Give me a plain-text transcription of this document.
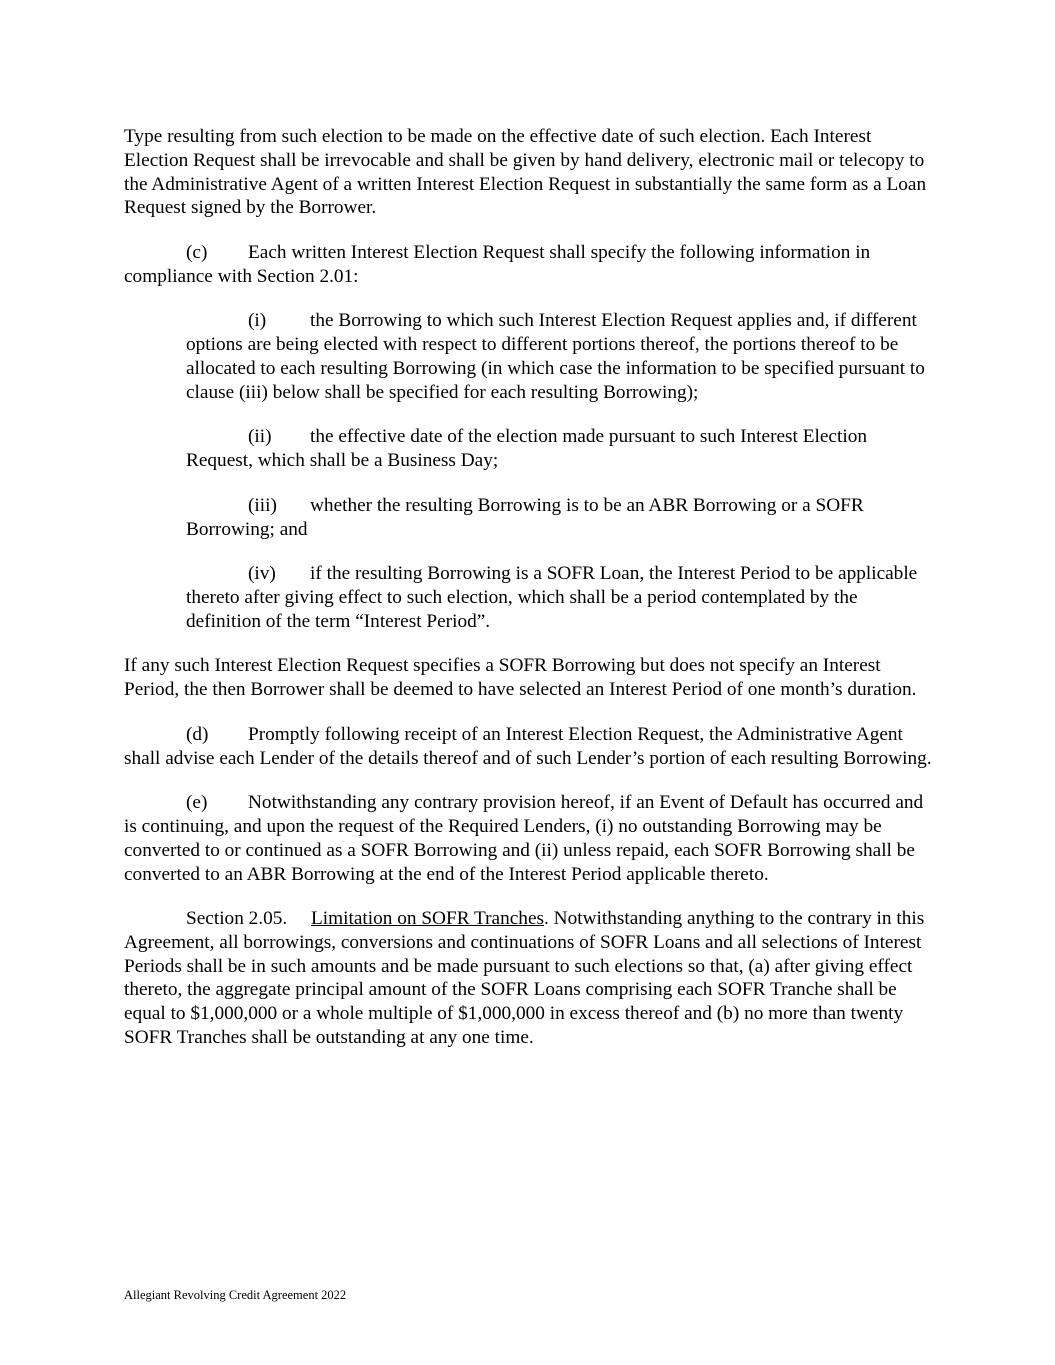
Type resulting from such election to be made on the effective date of such election. Each Interest Election Request shall be irrevocable and shall be given by hand delivery, electronic mail or telecopy to the Administrative Agent of a written Interest Election Request in substantially the same form as a Loan Request signed by the Borrower.

(c) Each written Interest Election Request shall specify the following information in compliance with Section 2.01:

(i) the Borrowing to which such Interest Election Request applies and, if different options are being elected with respect to different portions thereof, the portions thereof to be allocated to each resulting Borrowing (in which case the information to be specified pursuant to clause (iii) below shall be specified for each resulting Borrowing);

(ii) the effective date of the election made pursuant to such Interest Election Request, which shall be a Business Day;

(iii) whether the resulting Borrowing is to be an ABR Borrowing or a SOFR Borrowing; and

(iv) if the resulting Borrowing is a SOFR Loan, the Interest Period to be applicable thereto after giving effect to such election, which shall be a period contemplated by the definition of the term “Interest Period”.

If any such Interest Election Request specifies a SOFR Borrowing but does not specify an Interest Period, the then Borrower shall be deemed to have selected an Interest Period of one month’s duration.

(d) Promptly following receipt of an Interest Election Request, the Administrative Agent shall advise each Lender of the details thereof and of such Lender’s portion of each resulting Borrowing.

(e) Notwithstanding any contrary provision hereof, if an Event of Default has occurred and is continuing, and upon the request of the Required Lenders, (i) no outstanding Borrowing may be converted to or continued as a SOFR Borrowing and (ii) unless repaid, each SOFR Borrowing shall be converted to an ABR Borrowing at the end of the Interest Period applicable thereto.

Section 2.05. Limitation on SOFR Tranches. Notwithstanding anything to the contrary in this Agreement, all borrowings, conversions and continuations of SOFR Loans and all selections of Interest Periods shall be in such amounts and be made pursuant to such elections so that, (a) after giving effect thereto, the aggregate principal amount of the SOFR Loans comprising each SOFR Tranche shall be equal to $1,000,000 or a whole multiple of $1,000,000 in excess thereof and (b) no more than twenty SOFR Tranches shall be outstanding at any one time.

Allegiant Revolving Credit Agreement 2022
